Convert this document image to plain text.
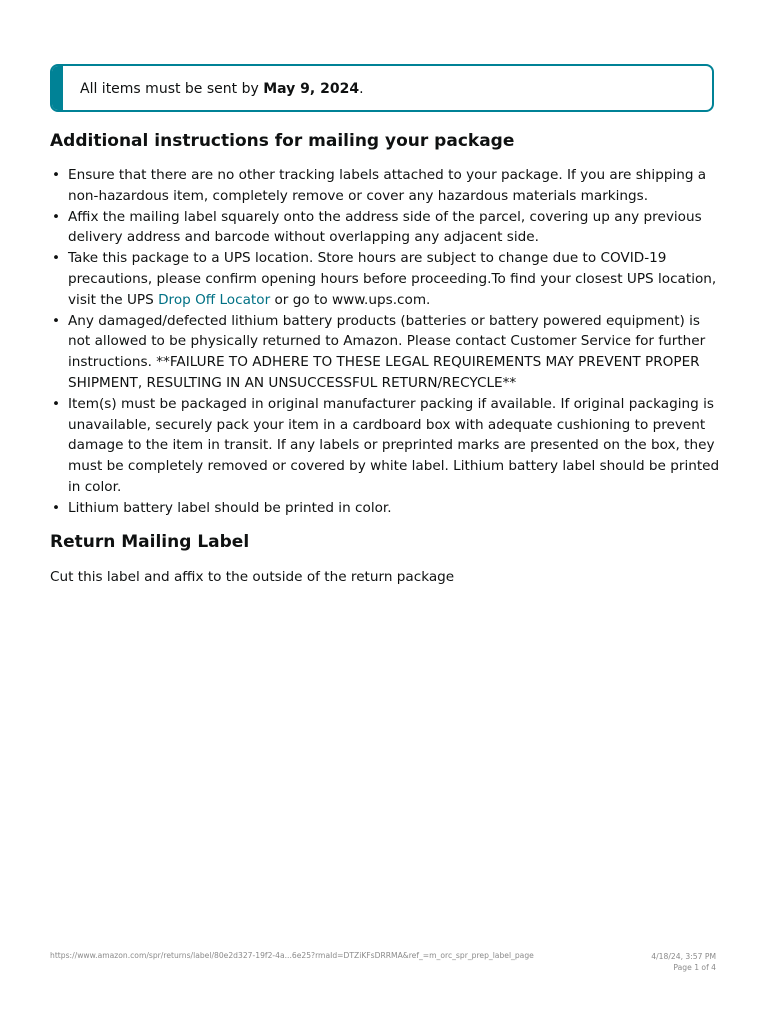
All items must be sent by May 9, 2024.
Additional instructions for mailing your package
• Ensure that there are no other tracking labels attached to your package. If you are shipping a non-hazardous item, completely remove or cover any hazardous materials markings.
• Affix the mailing label squarely onto the address side of the parcel, covering up any previous delivery address and barcode without overlapping any adjacent side.
• Take this package to a UPS location. Store hours are subject to change due to COVID-19 precautions, please confirm opening hours before proceeding.To find your closest UPS location, visit the UPS Drop Off Locator or go to www.ups.com.
• Any damaged/defected lithium battery products (batteries or battery powered equipment) is not allowed to be physically returned to Amazon. Please contact Customer Service for further instructions. **FAILURE TO ADHERE TO THESE LEGAL REQUIREMENTS MAY PREVENT PROPER SHIPMENT, RESULTING IN AN UNSUCCESSFUL RETURN/RECYCLE**
• Item(s) must be packaged in original manufacturer packing if available. If original packaging is unavailable, securely pack your item in a cardboard box with adequate cushioning to prevent damage to the item in transit. If any labels or preprinted marks are presented on the box, they must be completely removed or covered by white label. Lithium battery label should be printed in color.
• Lithium battery label should be printed in color.
Return Mailing Label
Cut this label and affix to the outside of the return package
https://www.amazon.com/spr/returns/label/80e2d327-19f2-4a...6e25?rmaId=DTZiKFsDRRMA&ref_=m_orc_spr_prep_label_page	4/18/24, 3:57 PM
Page 1 of 4
